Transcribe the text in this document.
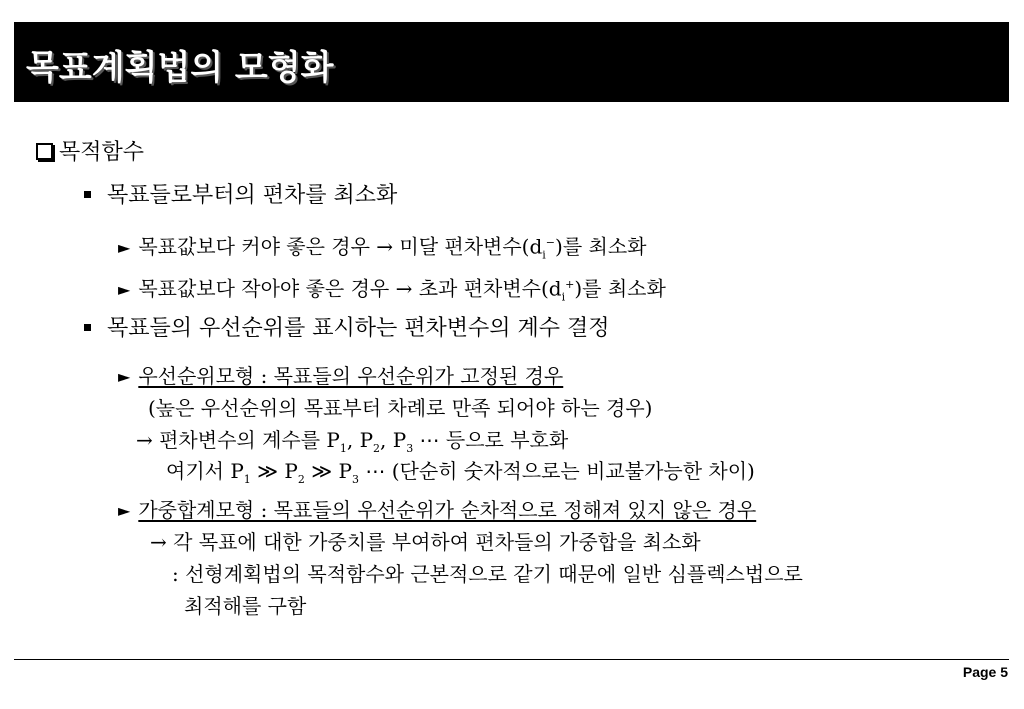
목표계획법의 모형화
목적함수
목표들로부터의 편차를 최소화
► 목표값보다 커야 좋은 경우 → 미달 편차변수$(d_i^-)$를 최소화
► 목표값보다 작아야 좋은 경우 → 초과 편차변수$(d_i^+)$를 최소화
목표들의 우선순위를 표시하는 편차변수의 계수 결정
► 우선순위모형 : 목표들의 우선순위가 고정된 경우
(높은 우선순위의 목표부터 차례로 만족 되어야 하는 경우)
→ 편차변수의 계수를 $P_1$, $P_2$, $P_3$ ⋯ 등으로 부호화
여기서 $P_1$ ≫ $P_2$ ≫ $P_3$ ⋯ (단순히 숫자적으로는 비교불가능한 차이)
► 가중합계모형 : 목표들의 우선순위가 순차적으로 정해져 있지 않은 경우
→ 각 목표에 대한 가중치를 부여하여 편차들의 가중합을 최소화
: 선형계획법의 목적함수와 근본적으로 같기 때문에 일반 심플렉스법으로
최적해를 구함
Page 5
